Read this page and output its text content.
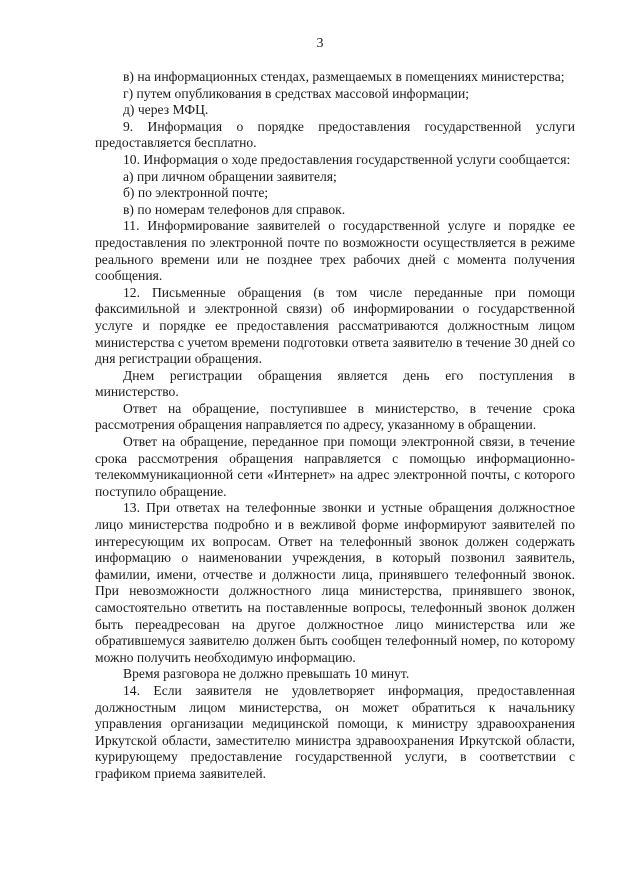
3

в) на информационных стендах, размещаемых в помещениях министерства;

г) путем опубликования в средствах массовой информации;

д) через МФЦ.

9. Информация о порядке предоставления государственной услуги предоставляется бесплатно.

10. Информация о ходе предоставления государственной услуги сообщается:

а) при личном обращении заявителя;

б) по электронной почте;

в) по номерам телефонов для справок.

11. Информирование заявителей о государственной услуге и порядке ее предоставления по электронной почте по возможности осуществляется в режиме реального времени или не позднее трех рабочих дней с момента получения сообщения.

12. Письменные обращения (в том числе переданные при помощи факсимильной и электронной связи) об информировании о государственной услуге и порядке ее предоставления рассматриваются должностным лицом министерства с учетом времени подготовки ответа заявителю в течение 30 дней со дня регистрации обращения.

Днем регистрации обращения является день его поступления в министерство.

Ответ на обращение, поступившее в министерство, в течение срока рассмотрения обращения направляется по адресу, указанному в обращении.

Ответ на обращение, переданное при помощи электронной связи, в течение срока рассмотрения обращения направляется с помощью информационно-телекоммуникационной сети «Интернет» на адрес электронной почты, с которого поступило обращение.

13. При ответах на телефонные звонки и устные обращения должностное лицо министерства подробно и в вежливой форме информируют заявителей по интересующим их вопросам. Ответ на телефонный звонок должен содержать информацию о наименовании учреждения, в который позвонил заявитель, фамилии, имени, отчестве и должности лица, принявшего телефонный звонок. При невозможности должностного лица министерства, принявшего звонок, самостоятельно ответить на поставленные вопросы, телефонный звонок должен быть переадресован на другое должностное лицо министерства или же обратившемуся заявителю должен быть сообщен телефонный номер, по которому можно получить необходимую информацию.

Время разговора не должно превышать 10 минут.

14. Если заявителя не удовлетворяет информация, предоставленная должностным лицом министерства, он может обратиться к начальнику управления организации медицинской помощи, к министру здравоохранения Иркутской области, заместителю министра здравоохранения Иркутской области, курирующему предоставление государственной услуги, в соответствии с графиком приема заявителей.
